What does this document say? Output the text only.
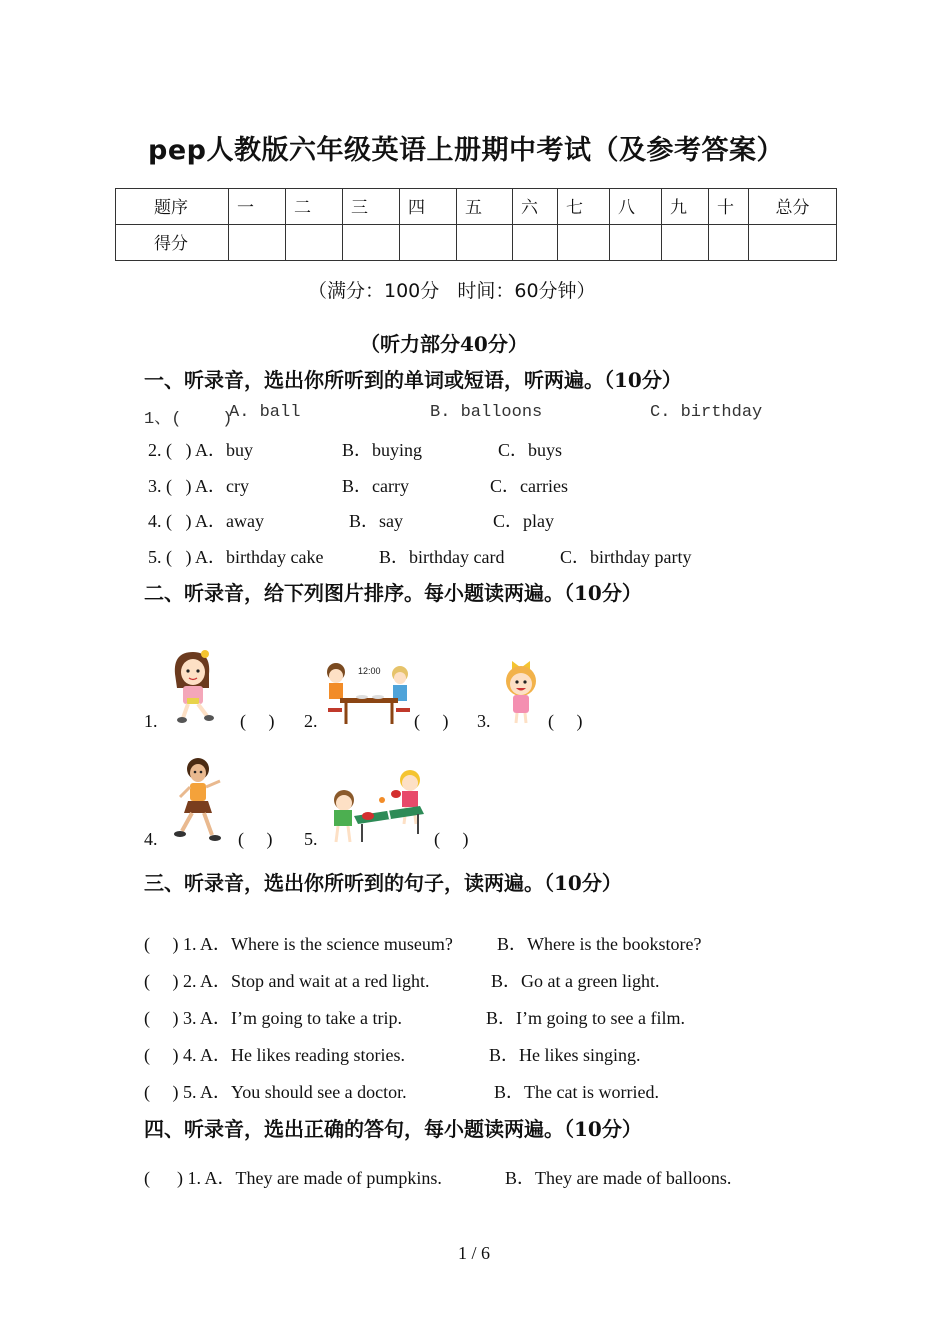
pep人教版六年级英语上册期中考试（及参考答案）
题序	一	二	三	四	五	六	七	八	九	十	总分
得分											
（满分：100分   时间：60分钟）
（听力部分40分）
一、听录音，选出你所听到的单词或短语，听两遍。（10分）
1、(    )
A. ball	B. balloons	C. birthday
2. (   ) A．buy	B．buying	C．buys
3. (   ) A．cry	B．carry	C．carries
4. (   ) A．away	B．say	C．play
5. (   ) A．birthday cake	B．birthday card	C．birthday party
二、听录音，给下列图片排序。每小题读两遍。（10分）
1.	(     ) 2.
12:00
(     ) 3.	(     )
4.	(     ) 5.	(     )
三、听录音，选出你所听到的句子，读两遍。（10分）
(     ) 1. A．Where is the science museum? B．Where is the bookstore?
(     ) 2. A．Stop and wait at a red light.	B．Go at a green light.
(     ) 3. A．I’m going to take a trip.	B．I’m going to see a film.
(     ) 4. A．He likes reading stories.	B．He likes singing.
(     ) 5. A．You should see a doctor.	B．The cat is worried.
四、听录音，选出正确的答句，每小题读两遍。（10分）
(      ) 1. A．They are made of pumpkins.	B．They are made of balloons.
1 / 6
